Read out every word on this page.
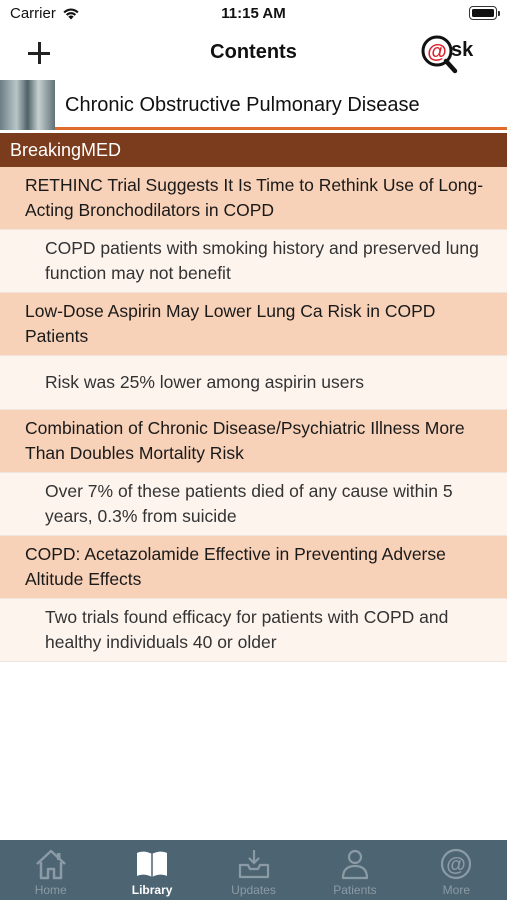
Carrier	11:15 AM
Contents	@ sk
Chronic Obstructive Pulmonary Disease
BreakingMED
RETHINC Trial Suggests It Is Time to Rethink Use of Long-Acting Bronchodilators in COPD
COPD patients with smoking history and preserved lung function may not benefit
Low-Dose Aspirin May Lower Lung Ca Risk in COPD Patients
Risk was 25% lower among aspirin users
Combination of Chronic Disease/Psychiatric Illness More Than Doubles Mortality Risk
Over 7% of these patients died of any cause within 5 years, 0.3% from suicide
COPD: Acetazolamide Effective in Preventing Adverse Altitude Effects
Two trials found efficacy for patients with COPD and healthy individuals 40 or older
Home	Library	Updates	Patients
@
More
